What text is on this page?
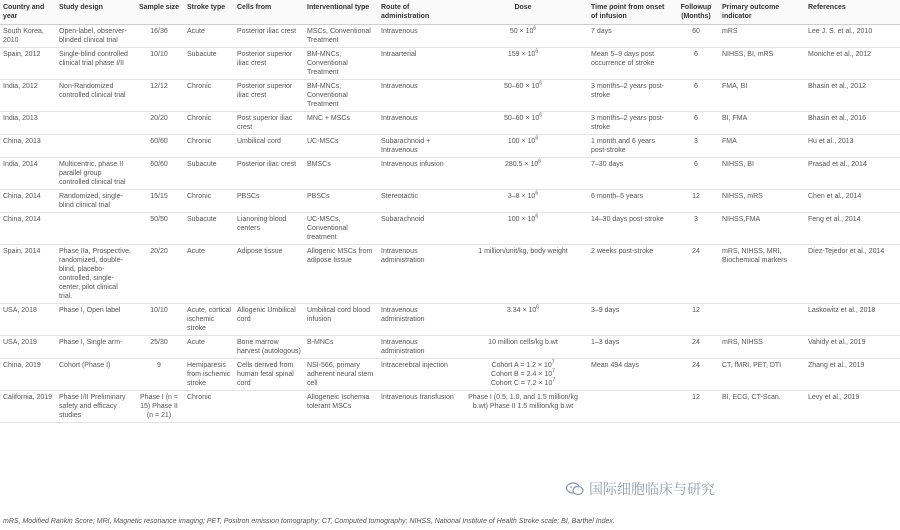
Country and year	Study design	Sample size	Stroke type	Cells from	Interventional type	Route of administration	Dose	Time point from onset of infusion	Followup (Months)	Primary outcome indicator	References
South Korea, 2010	Open-label, observer-blinded clinical trial	16/36	Acute	Posterior iliac crest	MSCs, Conventional Treatment	Intravenous	$50 \times 10^6$	7 days	60	mRS	Lee J. S. et al., 2010
Spain, 2012	Single-blind controlled clinical trial phase I/II	10/10	Subacute	Posterior superior iliac crest	BM-MNCs, Conventional Treatment	Intraarterial	$159 \times 10^6$	Mean 5–9 days post occurrence of stroke	6	NIHSS, BI, mRS	Moniche et al., 2012
India, 2012	Non-Randomized controlled clinical trial	12/12	Chronic	Posterior superior iliac crest	BM-MNCs, Conventional Treatment	Intravenous	$50-60 \times 10^6$	3 months–2 years post-stroke	6	FMA, BI	Bhasin et al., 2012
India, 2013		20/20	Chronic	Post superior iliac crest	MNC + MSCs	Intravenous	$50-60 \times 10^6$	3 months–2 years post-stroke	6	BI, FMA	Bhasin et al., 2016
China, 2013		60/60	Chronic	Umbilical cord	UC-MSCs	Subarachnoid + Intravenous	$100 \times 10^6$	1 month and 6 years post-stroke	3	FMA	Hu et al., 2013
India, 2014	Multicentric, phase II parallel group controlled clinical trial	60/60	Subacute	Posterior iliac crest	BMSCs	Intravenous infusion	$280.5 \times 10^6$	7–30 days	6	NIHSS, BI	Prasad et al., 2014
China, 2014	Randomized, single-blind clinical trial	15/15	Chronic	PBSCs	PBSCs	Stereotactic	$3-8 \times 10^6$	6 month–5 years	12	NIHSS, mRS	Chen et al., 2014
China, 2014		50/50	Subacute	Lianoning blood centers	UC-MSCs, Conventional treatment	Subarachnoid	$100 \times 10^6$	14–30 days post-stroke	3	NIHSS,FMA	Feng et al., 2014
Spain, 2014	Phase IIa, Prospective, randomized, double-blind, placebo-controlled, single-center, pilot clinical trial.	20/20	Acute	Adipose tissue	Allogenic MSCs from adipose tissue	Intravenous administration	1 million/unit/kg, body weight	2 weeks post-stroke	24	mRS, NIHSS, MRI, Biochemical markers	Díez-Tejedor et al., 2014
USA, 2018	Phase I, Open label	10/10	Acute, cortical ischemic stroke	Allogenic Umbilical cord	Umbilical cord blood infusion	Intravenous administration	$3.34 \times 10^6$	3–9 days	12		Laskowitz et al., 2018
USA, 2019	Phase I, Single arm-	25/30	Acute	Bone marrow harvest (autologous)	B-MNCs	Intravenous administration	10 million cells/kg b.wt	1–3 days	24	mRS, NIHSS	Vahidy et al., 2019
China, 2019	Cohort (Phase I)	9	Hemiparesis from ischemic stroke	Cells derived from human fetal spinal cord	NSI-566, primary adherent neural stem cell	Intracerebral injection	Cohort $A = 1.2 \times 10^7$
Cohort $B = 2.4 \times 10^7$
Cohort $C = 7.2 \times 10^7$	Mean 494 days	24	CT, fMRI, PET, DTI	Zhang et al., 2019
California, 2019	Phase I/II Preliminary safety and efficacy studies	Phase I (n = 15) Phase II (n = 21)	Chronic		Allogeneic Ischemia tolerant MSCs	Intravenous transfusion	Phase I (0.5, 1.0, and 1.5 million/kg b.wt) Phase II 1.5 million/kg b.wt		12	BI, ECG, CT-Scan.	Levy et al., 2019
mRS, Modified Rankin Score; MRI, Magnetic resonance imaging; PET, Positron emission tomography; CT, Computed tomography; NIHSS, National Institute of Health Stroke scale; BI, Barthel Index.
国际细胞临床与研究
